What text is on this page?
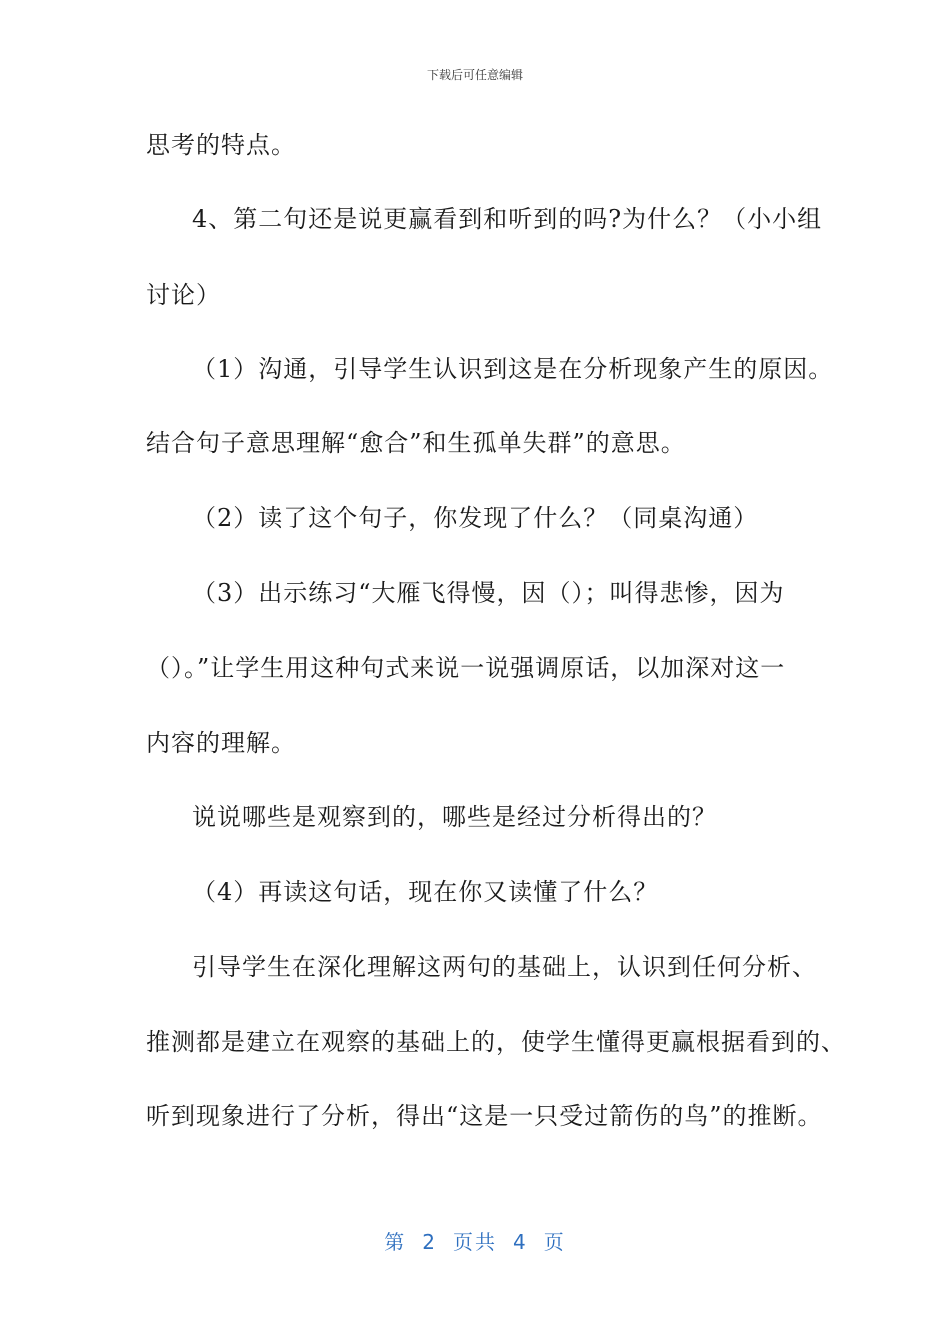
下载后可任意编辑
思考的特点。
4、第二句还是说更赢看到和听到的吗?为什么？（小小组
讨论）
（1）沟通，引导学生认识到这是在分析现象产生的原因。
结合句子意思理解“愈合”和生孤单失群”的意思。
（2）读了这个句子，你发现了什么？（同桌沟通）
（3）出示练习“大雁飞得慢，因（）；叫得悲惨，因为
（）。”让学生用这种句式来说一说强调原话，以加深对这一
内容的理解。
说说哪些是观察到的，哪些是经过分析得出的？
（4）再读这句话，现在你又读懂了什么？
引导学生在深化理解这两句的基础上，认识到任何分析、
推测都是建立在观察的基础上的，使学生懂得更赢根据看到的、
听到现象进行了分析，得出“这是一只受过箭伤的鸟”的推断。
第 2 页共 4 页
